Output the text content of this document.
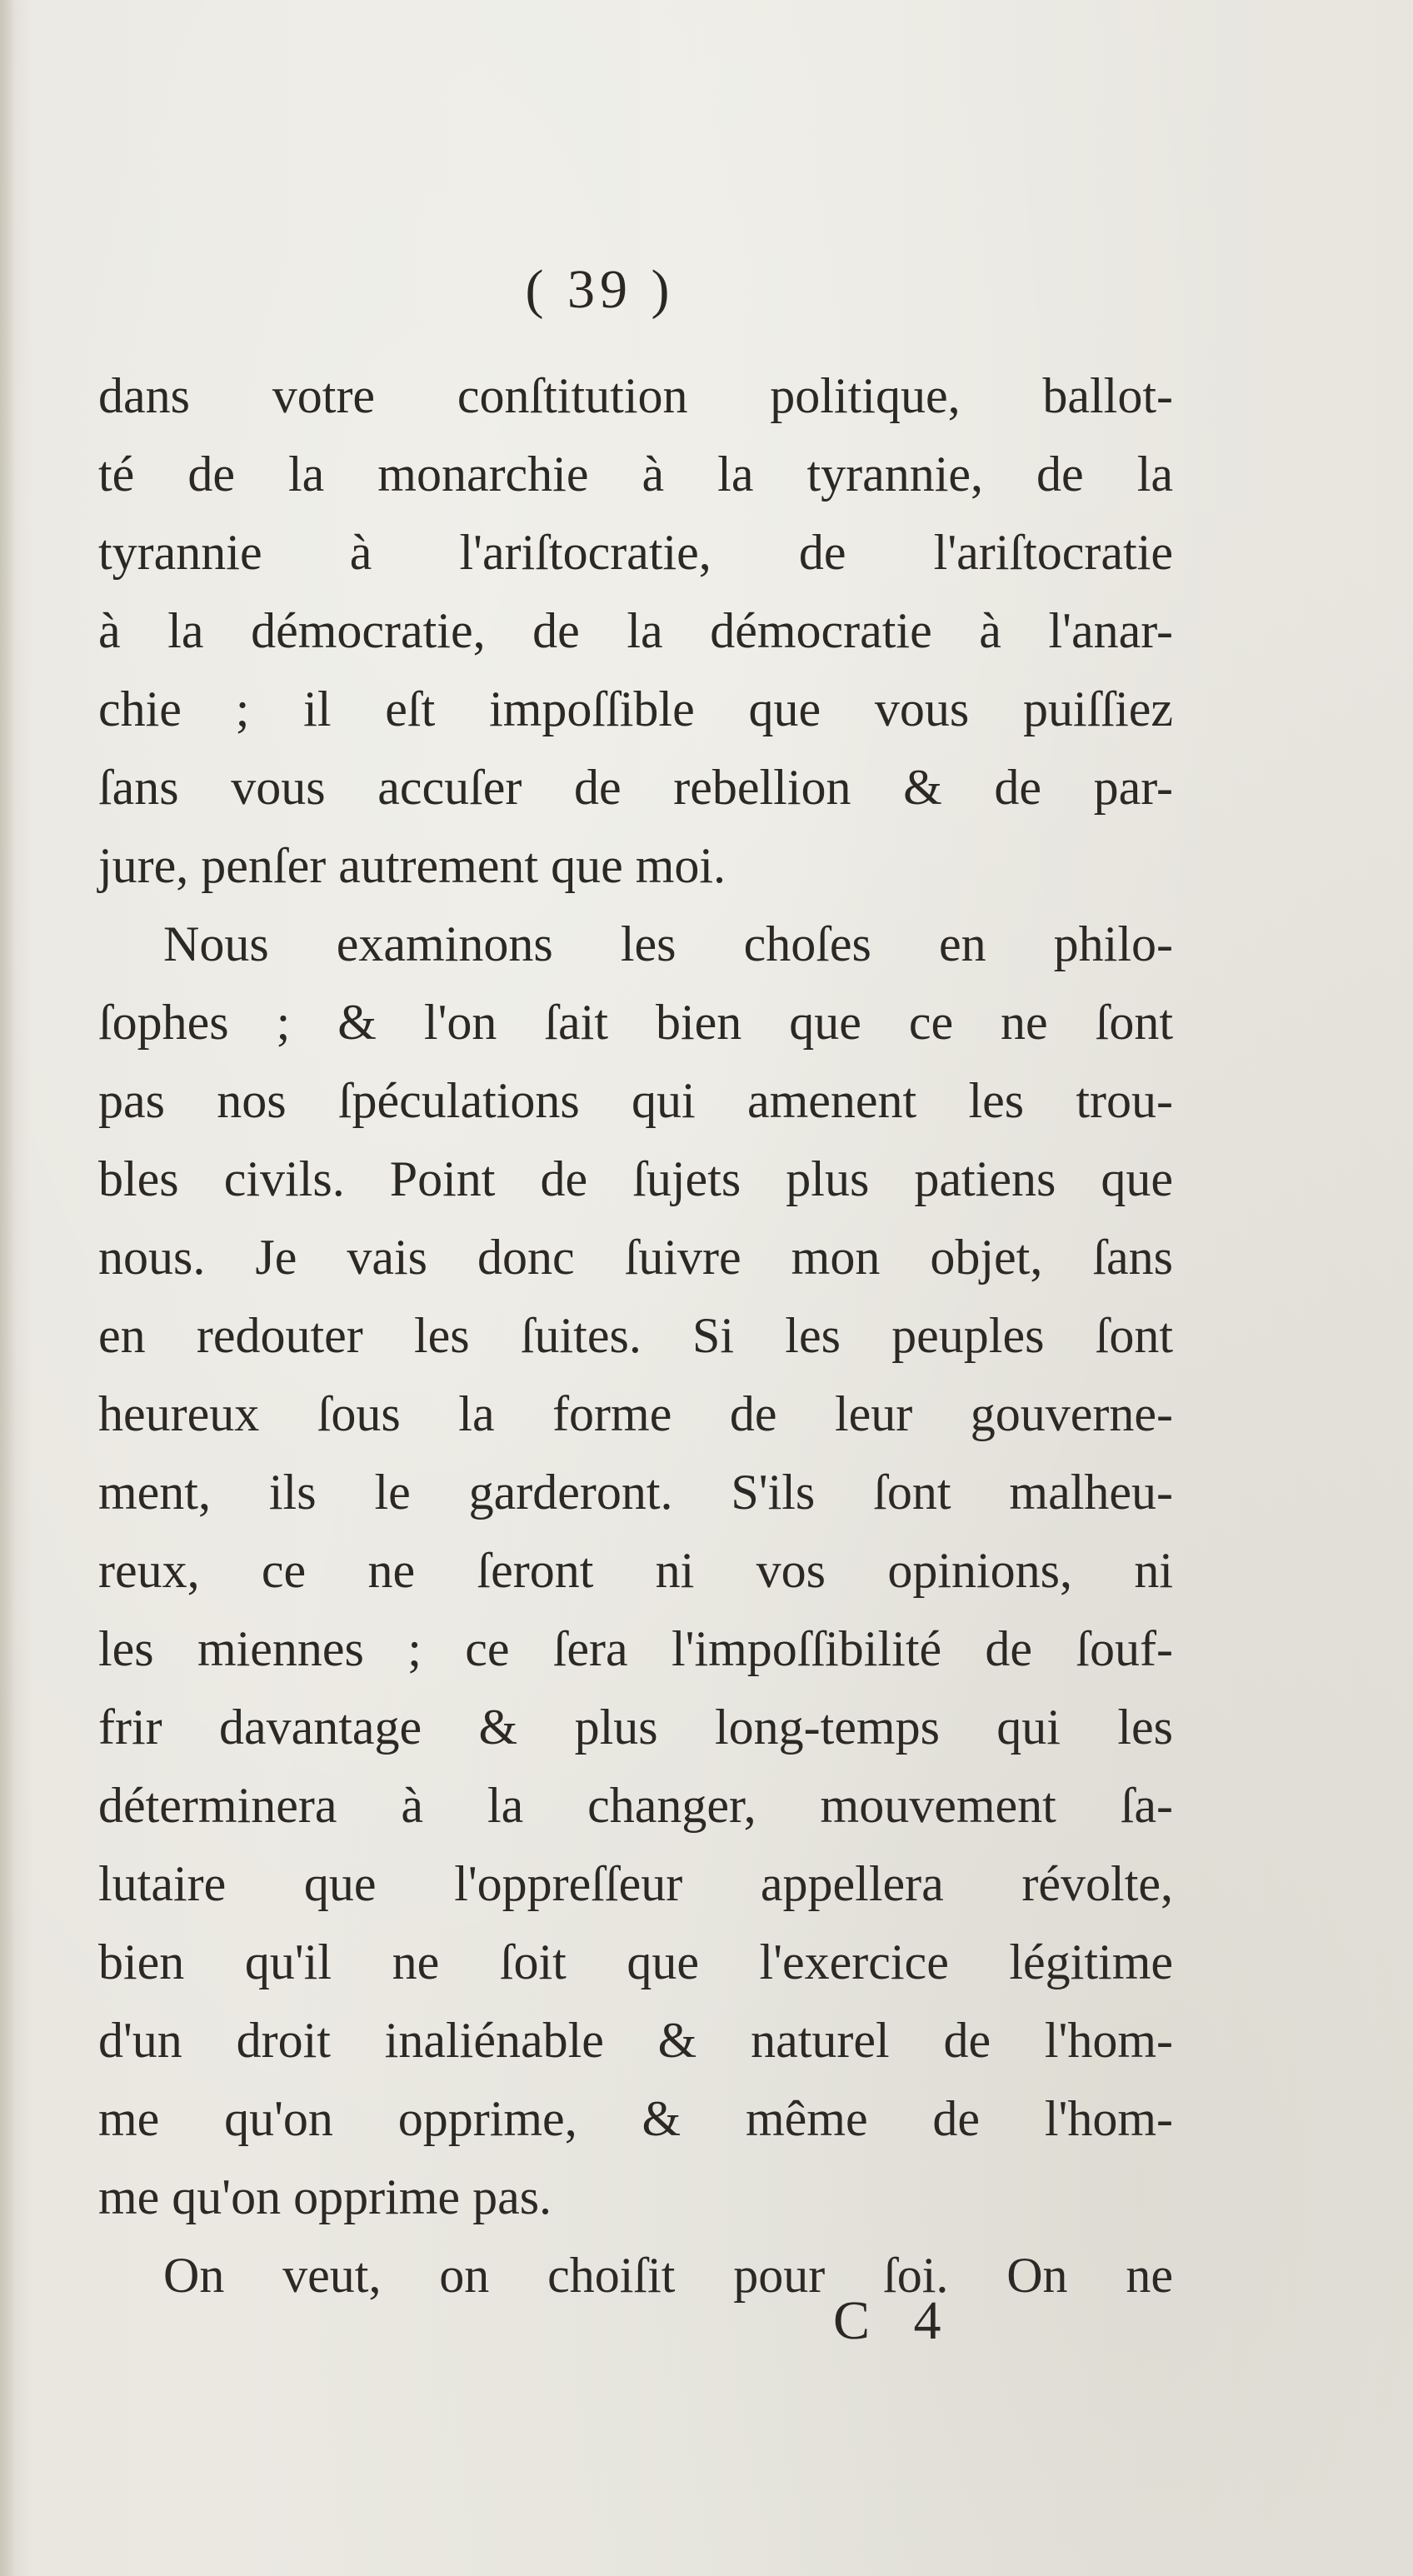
( 39 )
dans votre conſtitution politique, ballot-
té de la monarchie à la tyrannie, de la
tyrannie à l'ariſtocratie, de l'ariſtocratie
à la démocratie, de la démocratie à l'anar-
chie ; il eſt impoſſible que vous puiſſiez
ſans vous accuſer de rebellion & de par-
jure, penſer autrement que moi.
Nous examinons les choſes en philo-
ſophes ; & l'on ſait bien que ce ne ſont
pas nos ſpéculations qui amenent les trou-
bles civils. Point de ſujets plus patiens que
nous. Je vais donc ſuivre mon objet, ſans
en redouter les ſuites. Si les peuples ſont
heureux ſous la forme de leur gouverne-
ment, ils le garderont. S'ils ſont malheu-
reux, ce ne ſeront ni vos opinions, ni
les miennes ; ce ſera l'impoſſibilité de ſouf-
frir davantage & plus long-temps qui les
déterminera à la changer, mouvement ſa-
lutaire que l'oppreſſeur appellera révolte,
bien qu'il ne ſoit que l'exercice légitime
d'un droit inaliénable & naturel de l'hom-
me qu'on opprime, & même de l'hom-
me qu'on opprime pas.
On veut, on choiſit pour ſoi. On ne
C 4
